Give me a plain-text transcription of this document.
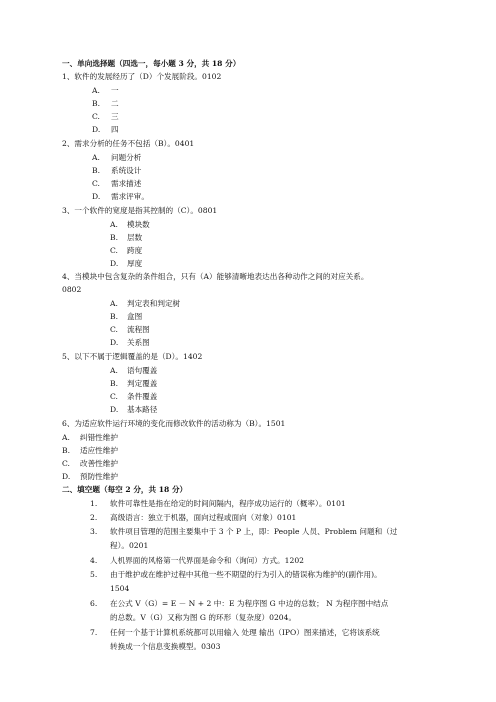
一、单向选择题（四选一，每小题 3 分，共 18 分）
1、软件的发展经历了（D）个发展阶段。0102
A. 一
B. 二
C. 三
D. 四
2、需求分析的任务不包括（B）。0401
A. 问题分析
B. 系统设计
C. 需求描述
D. 需求评审。
3、一个软件的宽度是指其控制的（C）。0801
A. 模块数
B. 层数
C. 跨度
D. 厚度
4、当模块中包含复杂的条件组合，只有（A）能够清晰地表达出各种动作之间的对应关系。
0802
A. 判定表和判定树
B. 盒图
C. 流程图
D. 关系图
5、以下不属于逻辑覆盖的是（D）。1402
A. 语句覆盖
B. 判定覆盖
C. 条件覆盖
D. 基本路径
6、为适应软件运行环境的变化而修改软件的活动称为（B）。1501
A. 纠错性维护
B. 适应性维护
C. 改善性维护
D. 预防性维护
二、填空题（每空 2 分，共 18 分）
1. 软件可靠性是指在给定的时间间隔内，程序成功运行的（概率）。0101
2. 高级语言：独立于机器，面向过程或面向（对象）0101
3. 软件项目管理的范围主要集中于 3 个 P 上，即：People 人员、Problem 问题和（过
程）。0201
4. 人机界面的风格第一代界面是命令和（询问）方式。1202
5. 由于维护或在维护过程中其他一些不期望的行为引入的错误称为维护的(副作用)。
1504
6. 在公式 V（G）= E － N + 2 中：E 为程序图 G 中边的总数； N 为程序图中结点
的总数。V（G）又称为图 G 的环形（复杂度）0204。
7. 任何一个基于计算机系统都可以用输入 处理 输出（IPO）图来描述，它将该系统
转换成一个信息变换模型。0303
